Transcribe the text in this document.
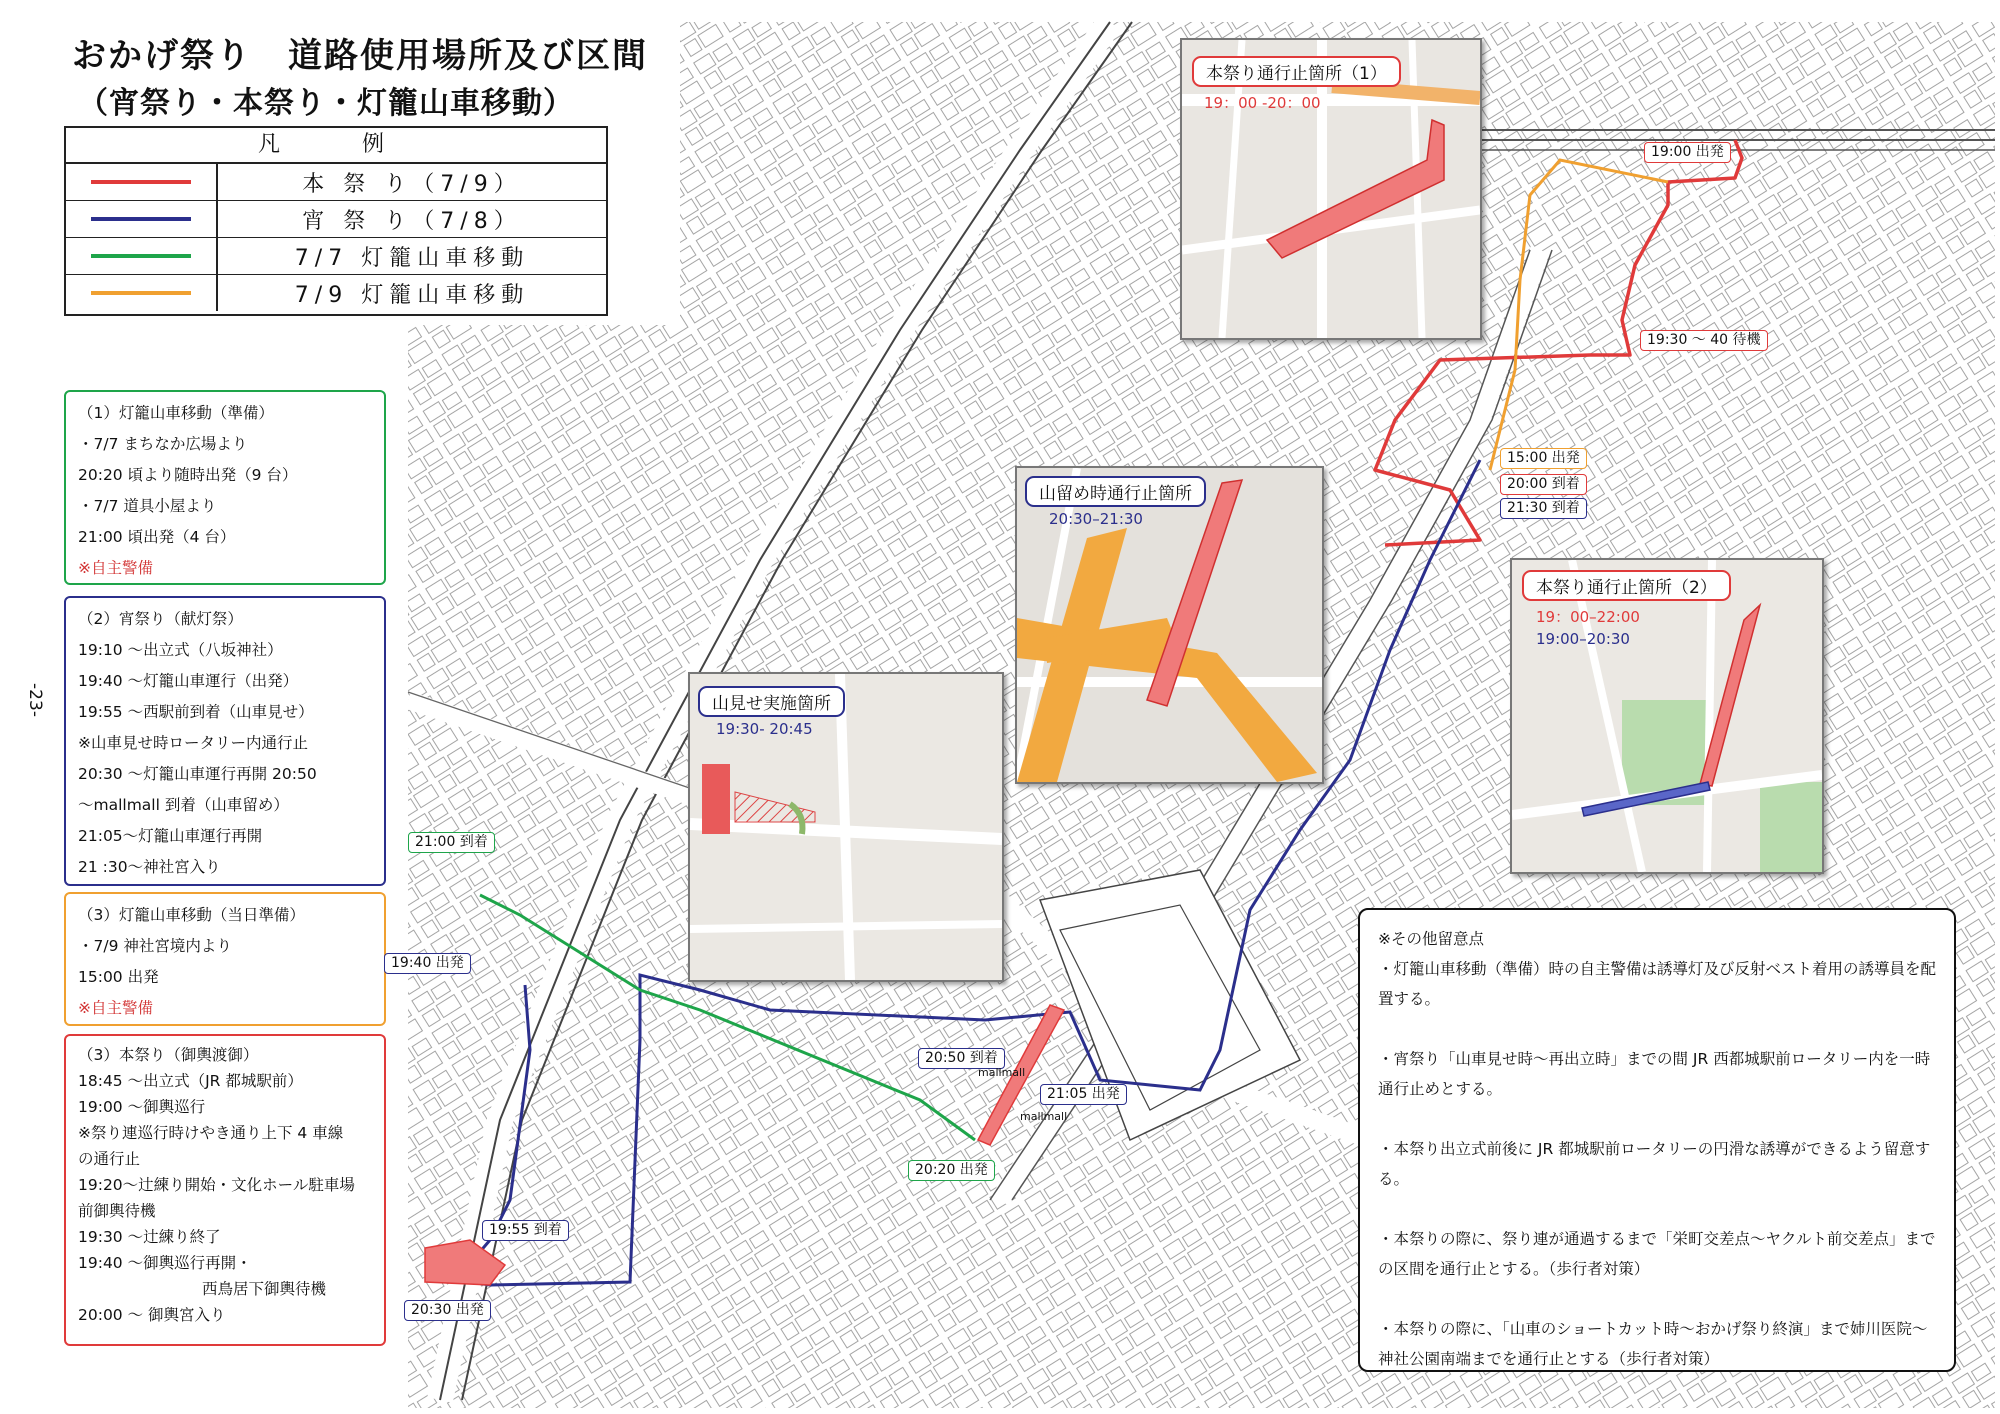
おかげ祭り　道路使用場所及び区間
（宵祭り・本祭り・灯籠山車移動）
凡　例
本 祭 り（7/9）
宵 祭 り（7/8）
7/7 灯籠山車移動
7/9 灯籠山車移動
-23-
（1）灯籠山車移動（準備）
・7/7 まちなか広場より
20:20 頃より随時出発（9 台）
・7/7 道具小屋より
21:00 頃出発（4 台）
※自主警備
（2）宵祭り（献灯祭）
19:10 ～出立式（八坂神社）
19:40 ～灯籠山車運行（出発）
19:55 ～西駅前到着（山車見せ）
※山車見せ時ロータリー内通行止
20:30 ～灯籠山車運行再開 20:50
～mallmall 到着（山車留め）
21:05～灯籠山車運行再開
21 :30～神社宮入り
（3）灯籠山車移動（当日準備）
・7/9 神社宮境内より
15:00 出発
※自主警備
（3）本祭り（御輿渡御）
18:45 ～出立式（JR 都城駅前）
19:00 ～御輿巡行
※祭り連巡行時けやき通り上下 4 車線
の通行止
19:20～辻練り開始・文化ホール駐車場
前御輿待機
19:30 ～辻練り終了
19:40 ～御輿巡行再開・
　　　　　　　　西鳥居下御輿待機
20:00 ～ 御輿宮入り
本祭り通行止箇所（1）
19：00 -20：00
山留め時通行止箇所
20:30–21:30
山見せ実施箇所
19:30- 20:45
本祭り通行止箇所（2）
19：00–22:00
19:00–20:30
19:00 出発
19:30 ～ 40 待機
15:00 出発
20:00 到着
21:30 到着
21:00 到着
19:40 出発
20:50 到着
21:05 出発
20:20 出発
19:55 到着
20:30 出発
mallmall
mallmall
※その他留意点
・灯籠山車移動（準備）時の自主警備は誘導灯及び反射ベスト着用の誘導員を配置する。
・宵祭り「山車見せ時～再出立時」までの間 JR 西都城駅前ロータリー内を一時通行止めとする。
・本祭り出立式前後に JR 都城駅前ロータリーの円滑な誘導ができるよう留意する。
・本祭りの際に、祭り連が通過するまで「栄町交差点～ヤクルト前交差点」までの区間を通行止とする。（歩行者対策）
・本祭りの際に、「山車のショートカット時～おかげ祭り終演」まで姉川医院～神社公園南端までを通行止とする（歩行者対策）
